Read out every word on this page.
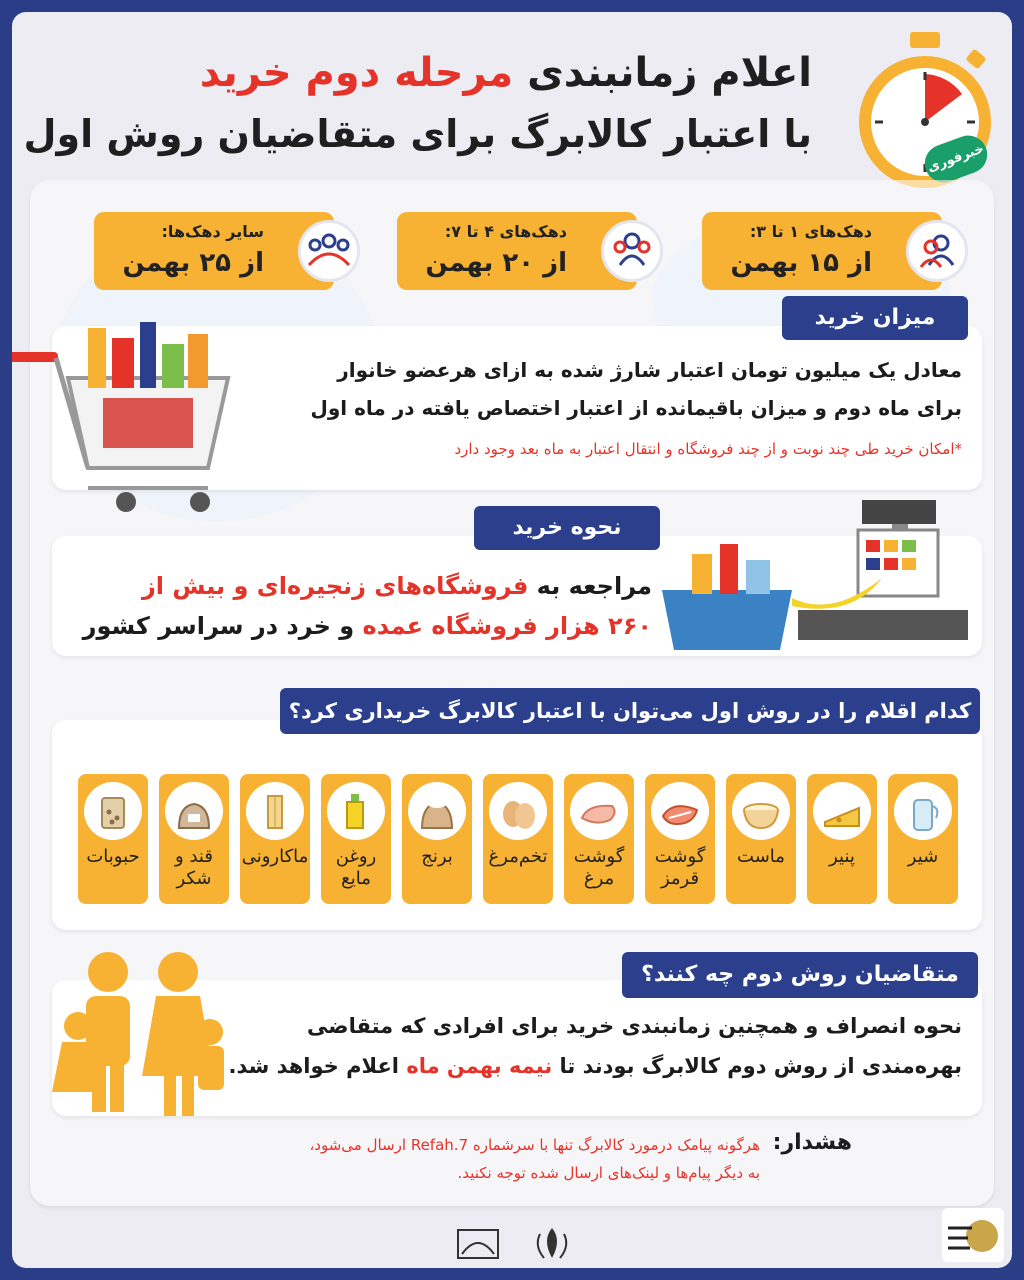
اعلام زمانبندی مرحله دوم خرید
با اعتبار کالابرگ برای متقاضیان روش اول
خبرفوری
دهک‌های ۱ تا ۳:
از ۱۵ بهمن
دهک‌های ۴ تا ۷:
از ۲۰ بهمن
سایر دهک‌ها:
از ۲۵ بهمن
میزان خرید
معادل یک میلیون تومان اعتبار شارژ شده به ازای هرعضو خانوار
برای ماه دوم و میزان باقیمانده از اعتبار اختصاص یافته در ماه اول
*امکان خرید طی چند نوبت و از چند فروشگاه و انتقال اعتبار به ماه بعد وجود دارد
نحوه خرید
مراجعه به فروشگاه‌های زنجیره‌ای و بیش از
۲۶۰ هزار فروشگاه عمده و خرد در سراسر کشور
کدام اقلام را در روش اول می‌توان با اعتبار کالابرگ خریداری کرد؟
متقاضیان روش دوم چه کنند؟
نحوه انصراف و همچنین زمانبندی خرید برای افرادی که متقاضی
بهره‌مندی از روش دوم کالابرگ بودند تا نیمه بهمن ماه اعلام خواهد شد.
هشدار:
هرگونه پیامک درمورد کالابرگ تنها با سرشماره 7.Refah ارسال می‌شود،
به دیگر پیام‌ها و لینک‌های ارسال شده توجه نکنید.
شیر
پنیر
ماست
گوشت قرمز
گوشت مرغ
تخم‌مرغ
برنج
روغن مایع
ماکارونی
قند و شکر
حبوبات
